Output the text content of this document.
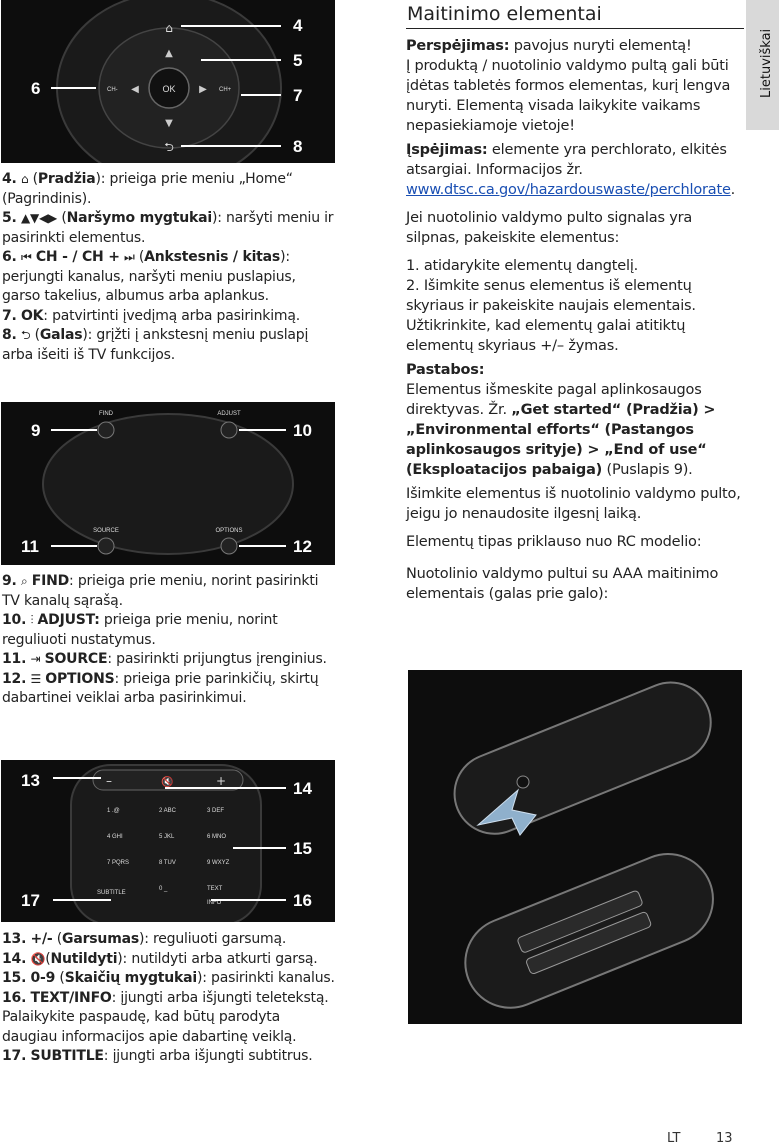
Lietuviškai
OK
▲
▼
◀	▶
CH-	CH+
⌂
⮌
4
5
6	7
8

4. ⌂ (Pradžia): prieiga prie meniu „Home“ (Pagrindinis).

5. ▲▼◀▶ (Naršymo mygtukai): naršyti meniu ir pasirinkti elementus.

6. ⏮ CH - / CH + ⏭ (Ankstesnis / kitas): perjungti kanalus, naršyti meniu puslapius, garso takelius, albumus arba aplankus.

7. OK: patvirtinti įvedįmą arba pasirinkimą.

8. ⮌ (Galas): grįžti į ankstesnį meniu puslapį arba išeiti iš TV funkcijos.

FIND	ADJUST
SOURCE	OPTIONS
9	10
11	12

9. ⌕ FIND: prieiga prie meniu, norint pasirinkti TV kanalų sąrašą.

10. ⫶ ADJUST: prieiga prie meniu, norint reguliuoti nustatymus.

11. ⇥ SOURCE: pasirinkti prijungtus įrenginius.

12. ☰ OPTIONS: prieiga prie parinkičių, skirtų dabartinei veiklai arba pasirinkimui.

–	🔇	+
1 .@	2 ABC	3 DEF
4 GHI	5 JKL	6 MNO
7 PQRS	8 TUV	9 WXYZ
SUBTITLE
0 _	TEXT
INFO
13	14
15
16
17

13. +/- (Garsumas): reguliuoti garsumą.

14. 🔇(Nutildyti): nutildyti arba atkurti garsą.

15. 0-9 (Skaičių mygtukai): pasirinkti kanalus.

16. TEXT/INFO: įjungti arba išjungti teletekstą. Palaikykite paspaudę, kad būtų parodyta daugiau informacijos apie dabartinę veiklą.

17. SUBTITLE: įjungti arba išjungti subtitrus.

Maitinimo elementai

Perspėjimas: pavojus nuryti elementą!

Į produktą / nuotolinio valdymo pultą gali būti įdėtas tabletės formos elementas, kurį lengva nuryti. Elementą visada laikykite vaikams nepasiekiamoje vietoje!

Įspėjimas: elemente yra perchlorato, elkitės atsargiai. Informacijos žr.
www.dtsc.ca.gov/hazardouswaste/perchlorate.

Jei nuotolinio valdymo pulto signalas yra silpnas, pakeiskite elementus:

1. atidarykite elementų dangtelį.

2. Išimkite senus elementus iš elementų skyriaus ir pakeiskite naujais elementais. Užtikrinkite, kad elementų galai atitiktų elementų skyriaus +/– žymas.

Pastabos:

Elementus išmeskite pagal aplinkosaugos direktyvas. Žr. „Get started“ (Pradžia) > „Environmental efforts“ (Pastangos aplinkosaugos srityje) > „End of use“ (Eksploatacijos pabaiga) (Puslapis 9).

Išimkite elementus iš nuotolinio valdymo pulto, jeigu jo nenaudosite ilgesnį laiką.

Elementų tipas priklauso nuo RC modelio:

Nuotolinio valdymo pultui su AAA maitinimo elementais (galas prie galo):

LT	13
